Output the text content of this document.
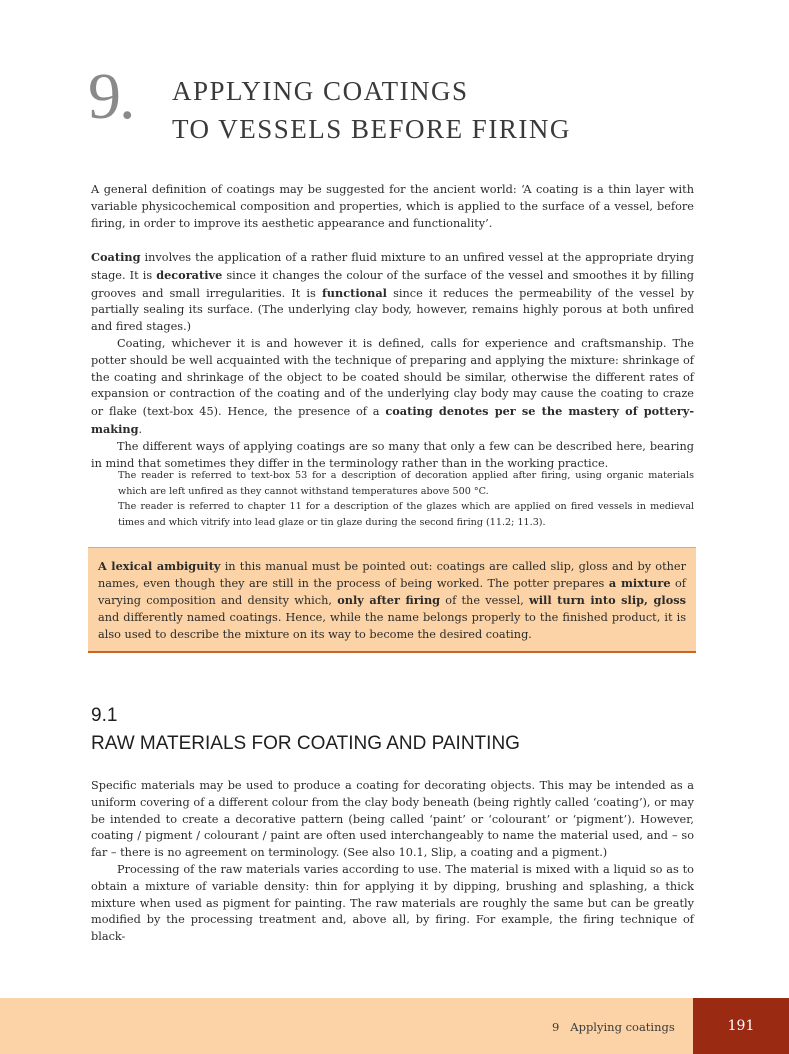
9. APPLYING COATINGS
TO VESSELS BEFORE FIRING

A general definition of coatings may be suggested for the ancient world: ‘A coating is a thin layer with variable physicochemical composition and properties, which is applied to the surface of a vessel, before firing, in order to improve its aesthetic appearance and functionality’.

Coating involves the application of a rather fluid mixture to an unfired vessel at the appropriate drying stage. It is decorative since it changes the colour of the surface of the vessel and smoothes it by filling grooves and small irregularities. It is functional since it reduces the permeability of the vessel by partially sealing its surface. (The underlying clay body, however, remains highly porous at both unfired and fired stages.)

Coating, whichever it is and however it is defined, calls for experience and craftsmanship. The potter should be well acquainted with the technique of preparing and applying the mixture: shrinkage of the coating and shrinkage of the object to be coated should be similar, otherwise the different rates of expansion or contraction of the coating and of the underlying clay body may cause the coating to craze or flake (text-box 45). Hence, the presence of a coating denotes per se the mastery of pottery-making.

The different ways of applying coatings are so many that only a few can be described here, bearing in mind that sometimes they differ in the terminology rather than in the working practice.

The reader is referred to text-box 53 for a description of decoration applied after firing, using organic materials which are left unfired as they cannot withstand temperatures above 500 °C.

The reader is referred to chapter 11 for a description of the glazes which are applied on fired vessels in medieval times and which vitrify into lead glaze or tin glaze during the second firing (11.2; 11.3).

A lexical ambiguity in this manual must be pointed out: coatings are called slip, gloss and by other names, even though they are still in the process of being worked. The potter prepares a mixture of varying composition and density which, only after firing of the vessel, will turn into slip, gloss and differently named coatings. Hence, while the name belongs properly to the finished product, it is also used to describe the mixture on its way to become the desired coating.
9.1
RAW MATERIALS FOR COATING AND PAINTING

Specific materials may be used to produce a coating for decorating objects. This may be intended as a uniform covering of a different colour from the clay body beneath (being rightly called ‘coating’), or may be intended to create a decorative pattern (being called ‘paint’ or ‘colourant’ or ‘pigment’). However, coating / pigment / colourant / paint are often used interchangeably to name the material used, and – so far – there is no agreement on terminology. (See also 10.1, Slip, a coating and a pigment.)

Processing of the raw materials varies according to use. The material is mixed with a liquid so as to obtain a mixture of variable density: thin for applying it by dipping, brushing and splashing, a thick mixture when used as pigment for painting. The raw materials are roughly the same but can be greatly modified by the processing treatment and, above all, by firing. For example, the firing technique of black-

9   Applying coatings	191
